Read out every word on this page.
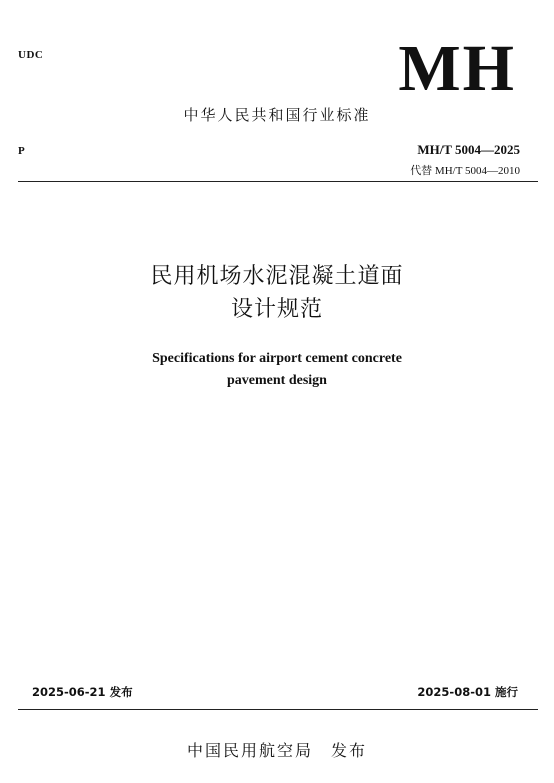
UDC	MH
中华人民共和国行业标准
P	MH/T 5004—2025
代替 MH/T 5004—2010
民用机场水泥混凝土道面
设计规范
Specifications for airport cement concrete
pavement design
2025-06-21 发布	2025-08-01 施行
中国民用航空局　发布
